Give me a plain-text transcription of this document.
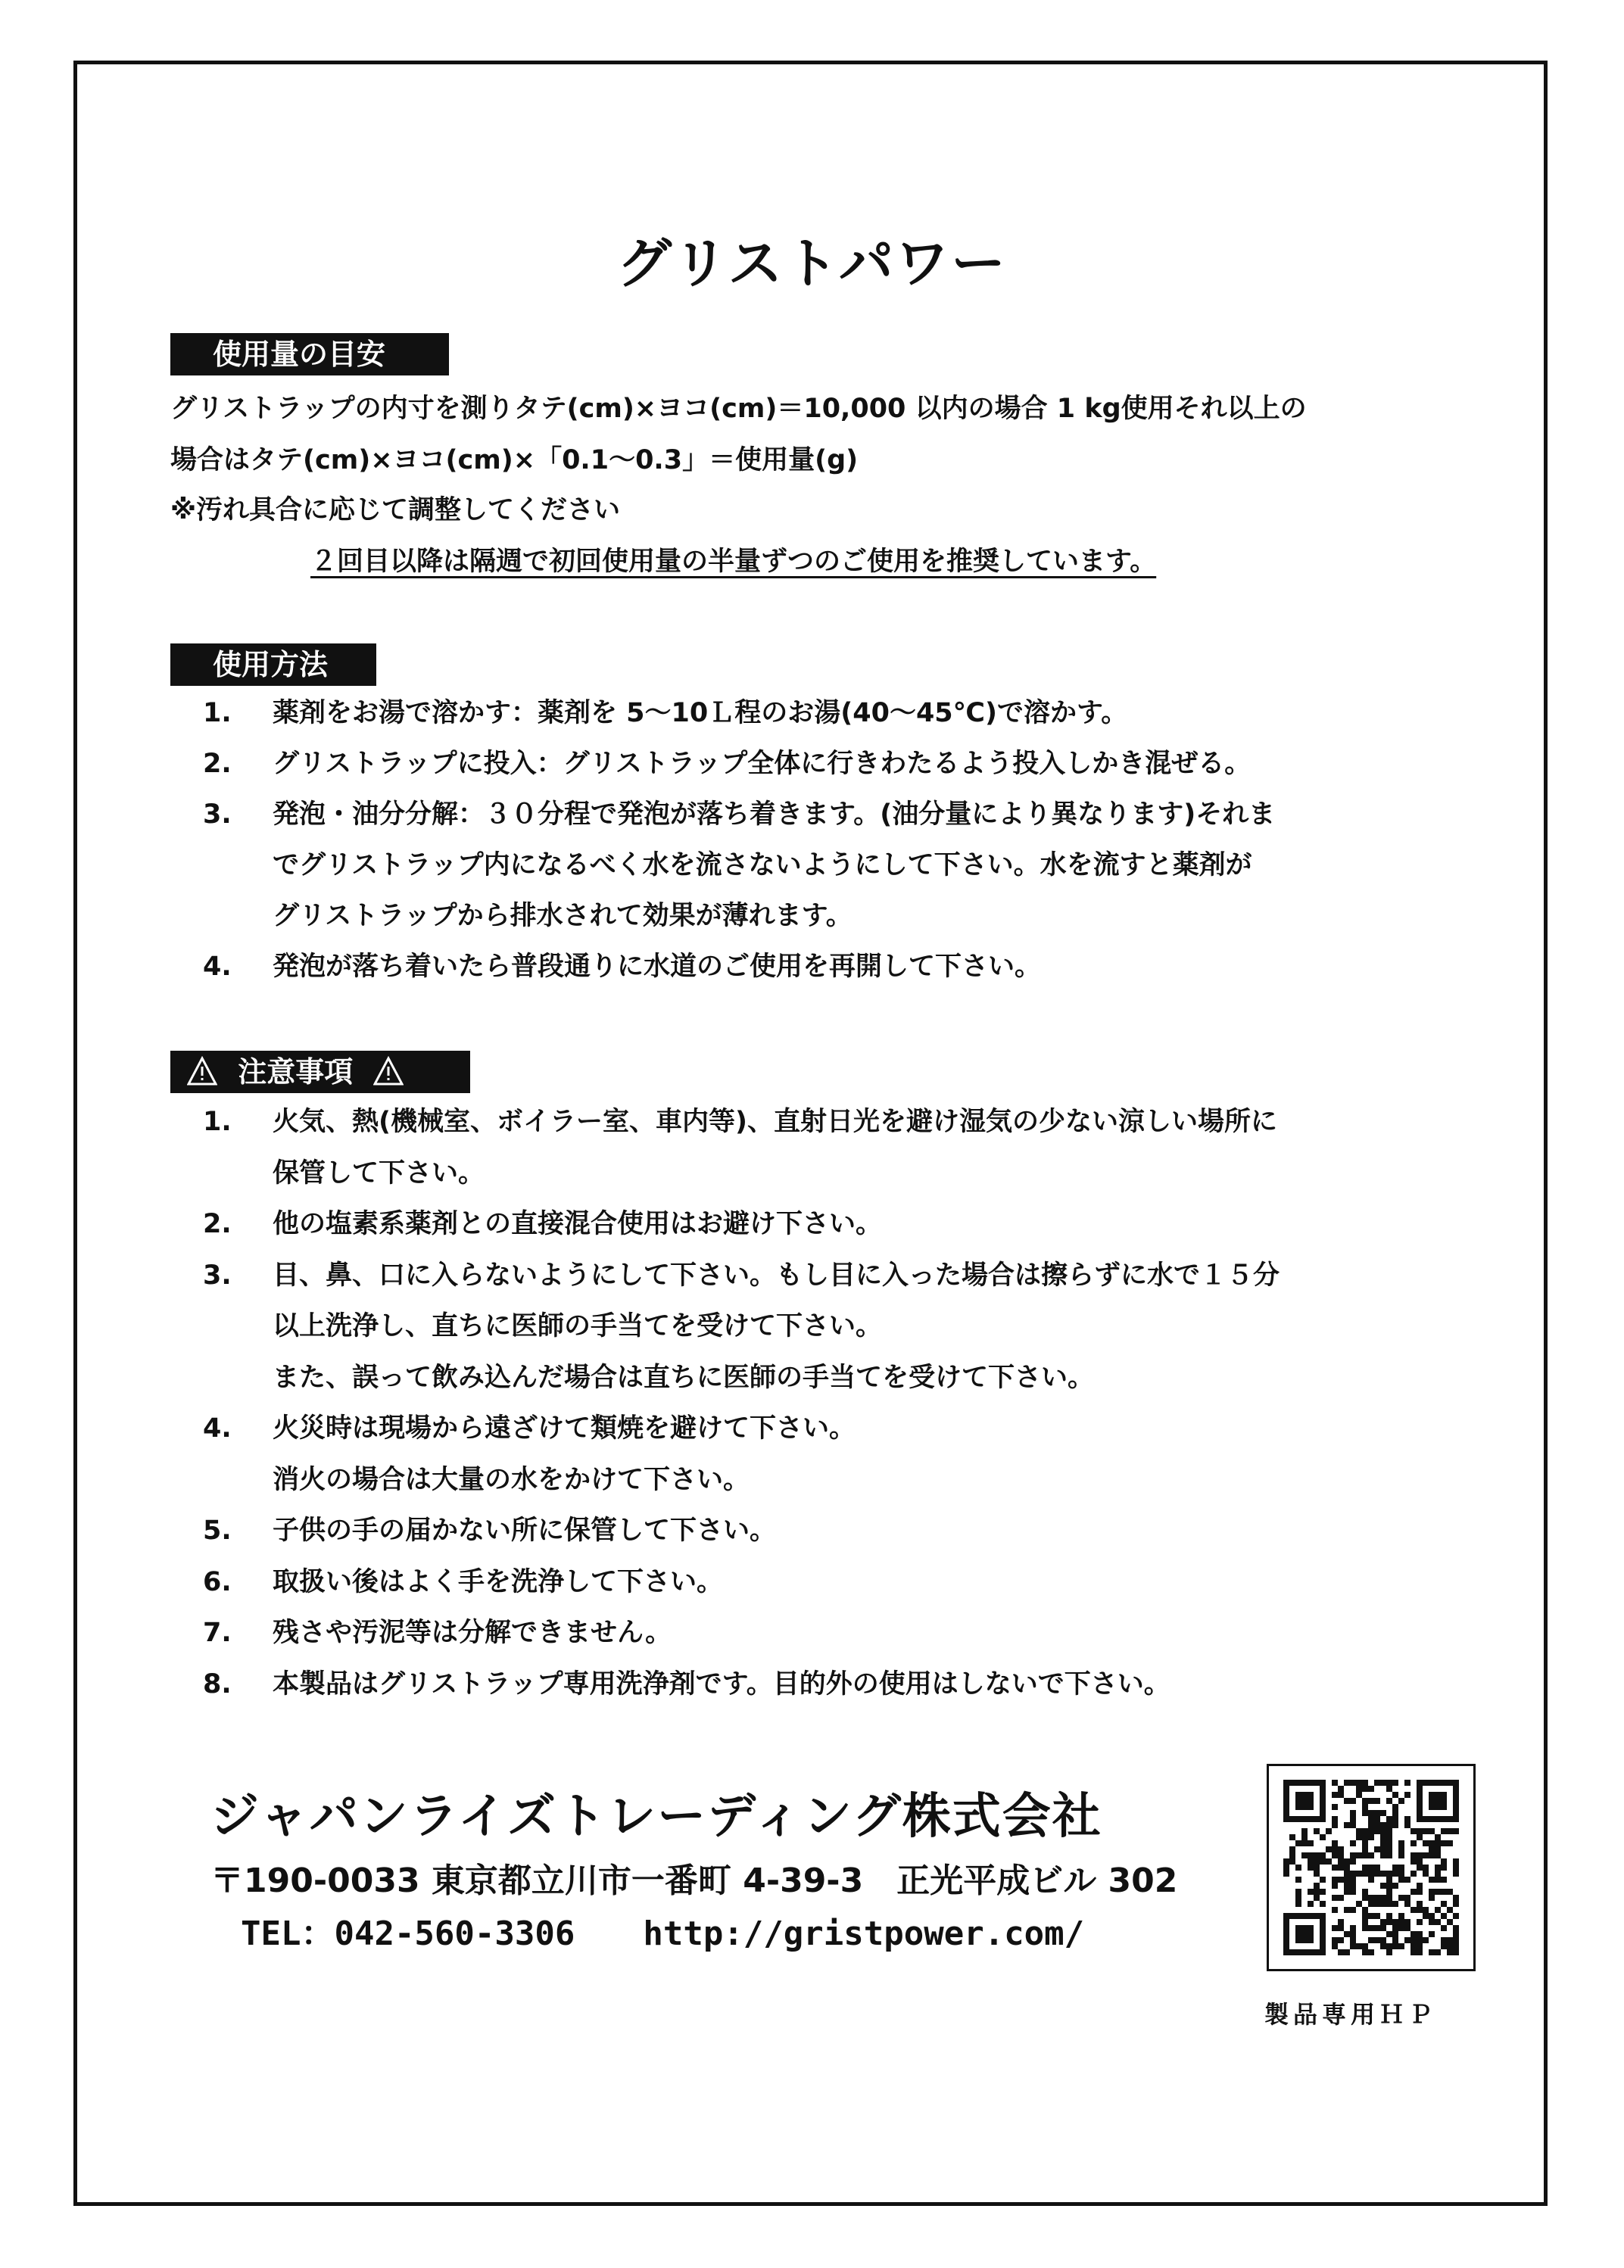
グリストパワー
使用量の目安
グリストラップの内寸を測りタテ(cm)×ヨコ(cm)＝10,000 以内の場合 1 kg使用それ以上の
場合はタテ(cm)×ヨコ(cm)×「0.1～0.3」＝使用量(g)
※汚れ具合に応じて調整してください
２回目以降は隔週で初回使用量の半量ずつのご使用を推奨しています。
使用方法
1. 薬剤をお湯で溶かす：薬剤を 5～10Ｌ程のお湯(40～45℃)で溶かす。
2. グリストラップに投入：グリストラップ全体に行きわたるよう投入しかき混ぜる。
3. 発泡・油分分解：３０分程で発泡が落ち着きます。(油分量により異なります)それま
でグリストラップ内になるべく水を流さないようにして下さい。水を流すと薬剤が
グリストラップから排水されて効果が薄れます。
4. 発泡が落ち着いたら普段通りに水道のご使用を再開して下さい。
注意事項
1. 火気、熱(機械室、ボイラー室、車内等)、直射日光を避け湿気の少ない涼しい場所に
保管して下さい。
2. 他の塩素系薬剤との直接混合使用はお避け下さい。
3. 目、鼻、口に入らないようにして下さい。もし目に入った場合は擦らずに水で１５分
以上洗浄し、直ちに医師の手当てを受けて下さい。
また、誤って飲み込んだ場合は直ちに医師の手当てを受けて下さい。
4. 火災時は現場から遠ざけて類焼を避けて下さい。
消火の場合は大量の水をかけて下さい。
5. 子供の手の届かない所に保管して下さい。
6. 取扱い後はよく手を洗浄して下さい。
7. 残さや汚泥等は分解できません。
8. 本製品はグリストラップ専用洗浄剤です。目的外の使用はしないで下さい。
ジャパンライズトレーディング株式会社
〒190-0033 東京都立川市一番町 4-39-3　正光平成ビル 302
TEL：042-560-3306 http://gristpower.com/
製品専用ＨＰ
